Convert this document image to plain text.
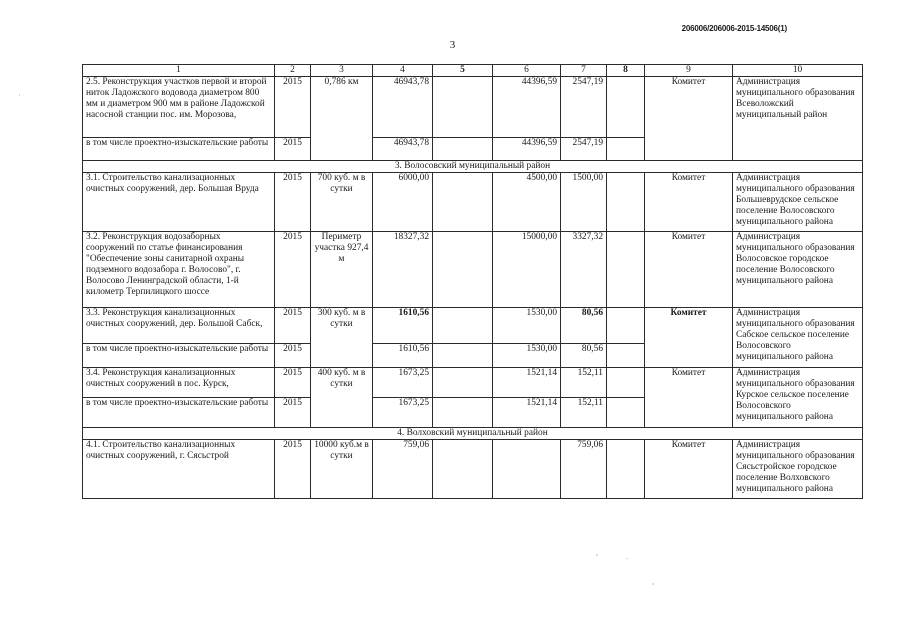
206006/206006-2015-14506(1)
3
1	2	3	4	5	6	7	8	9	10
2.5. Реконструкция участков первой и второй ниток Ладожского водовода диаметром 800 мм и диаметром 900 мм в районе Ладожской насосной станции пос. им. Морозова,	2015	0,786 км	46943,78		44396,59	2547,19		Комитет	Администрация муниципального образования Всеволожский муниципальный район
в том числе проектно-изыскательские работы	2015		46943,78		44396,59	2547,19			
3. Волосовский муниципальный район									
3.1. Строительство канализационных очистных сооружений, дер. Большая Вруда	2015	700 куб. м в сутки	6000,00		4500,00	1500,00		Комитет	Администрация муниципального образования Большеврудское сельское поселение Волосовского муниципального района
3.2. Реконструкция водозаборных сооружений по статье финансирования "Обеспечение зоны санитарной охраны подземного водозабора г. Волосово", г. Волосово Ленинградской области, 1-й километр Терпилицкого шоссе	2015	Периметр участка 927,4 м	18327,32		15000,00	3327,32		Комитет	Администрация муниципального образования Волосовское городское поселение Волосовского муниципального района
3.3. Реконструкция канализационных очистных сооружений, дер. Большой Сабск,	2015	300 куб. м в сутки	1610,56		1530,00	80,56		Комитет	Администрация муниципального образования Сабское сельское поселение Волосовского муниципального района
в том числе проектно-изыскательские работы	2015		1610,56		1530,00	80,56			
3.4. Реконструкция канализационных очистных сооружений в пос. Курск,	2015	400 куб. м в сутки	1673,25		1521,14	152,11		Комитет	Администрация муниципального образования Курское сельское поселение Волосовского муниципального района
в том числе проектно-изыскательские работы	2015		1673,25		1521,14	152,11			
4. Волховский муниципальный район									
4.1. Строительство канализационных очистных сооружений, г. Сясьстрой	2015	10000 куб.м в сутки	759,06			759,06		Комитет	Администрация муниципального образования Сясьстройское городское поселение Волховского муниципального района
